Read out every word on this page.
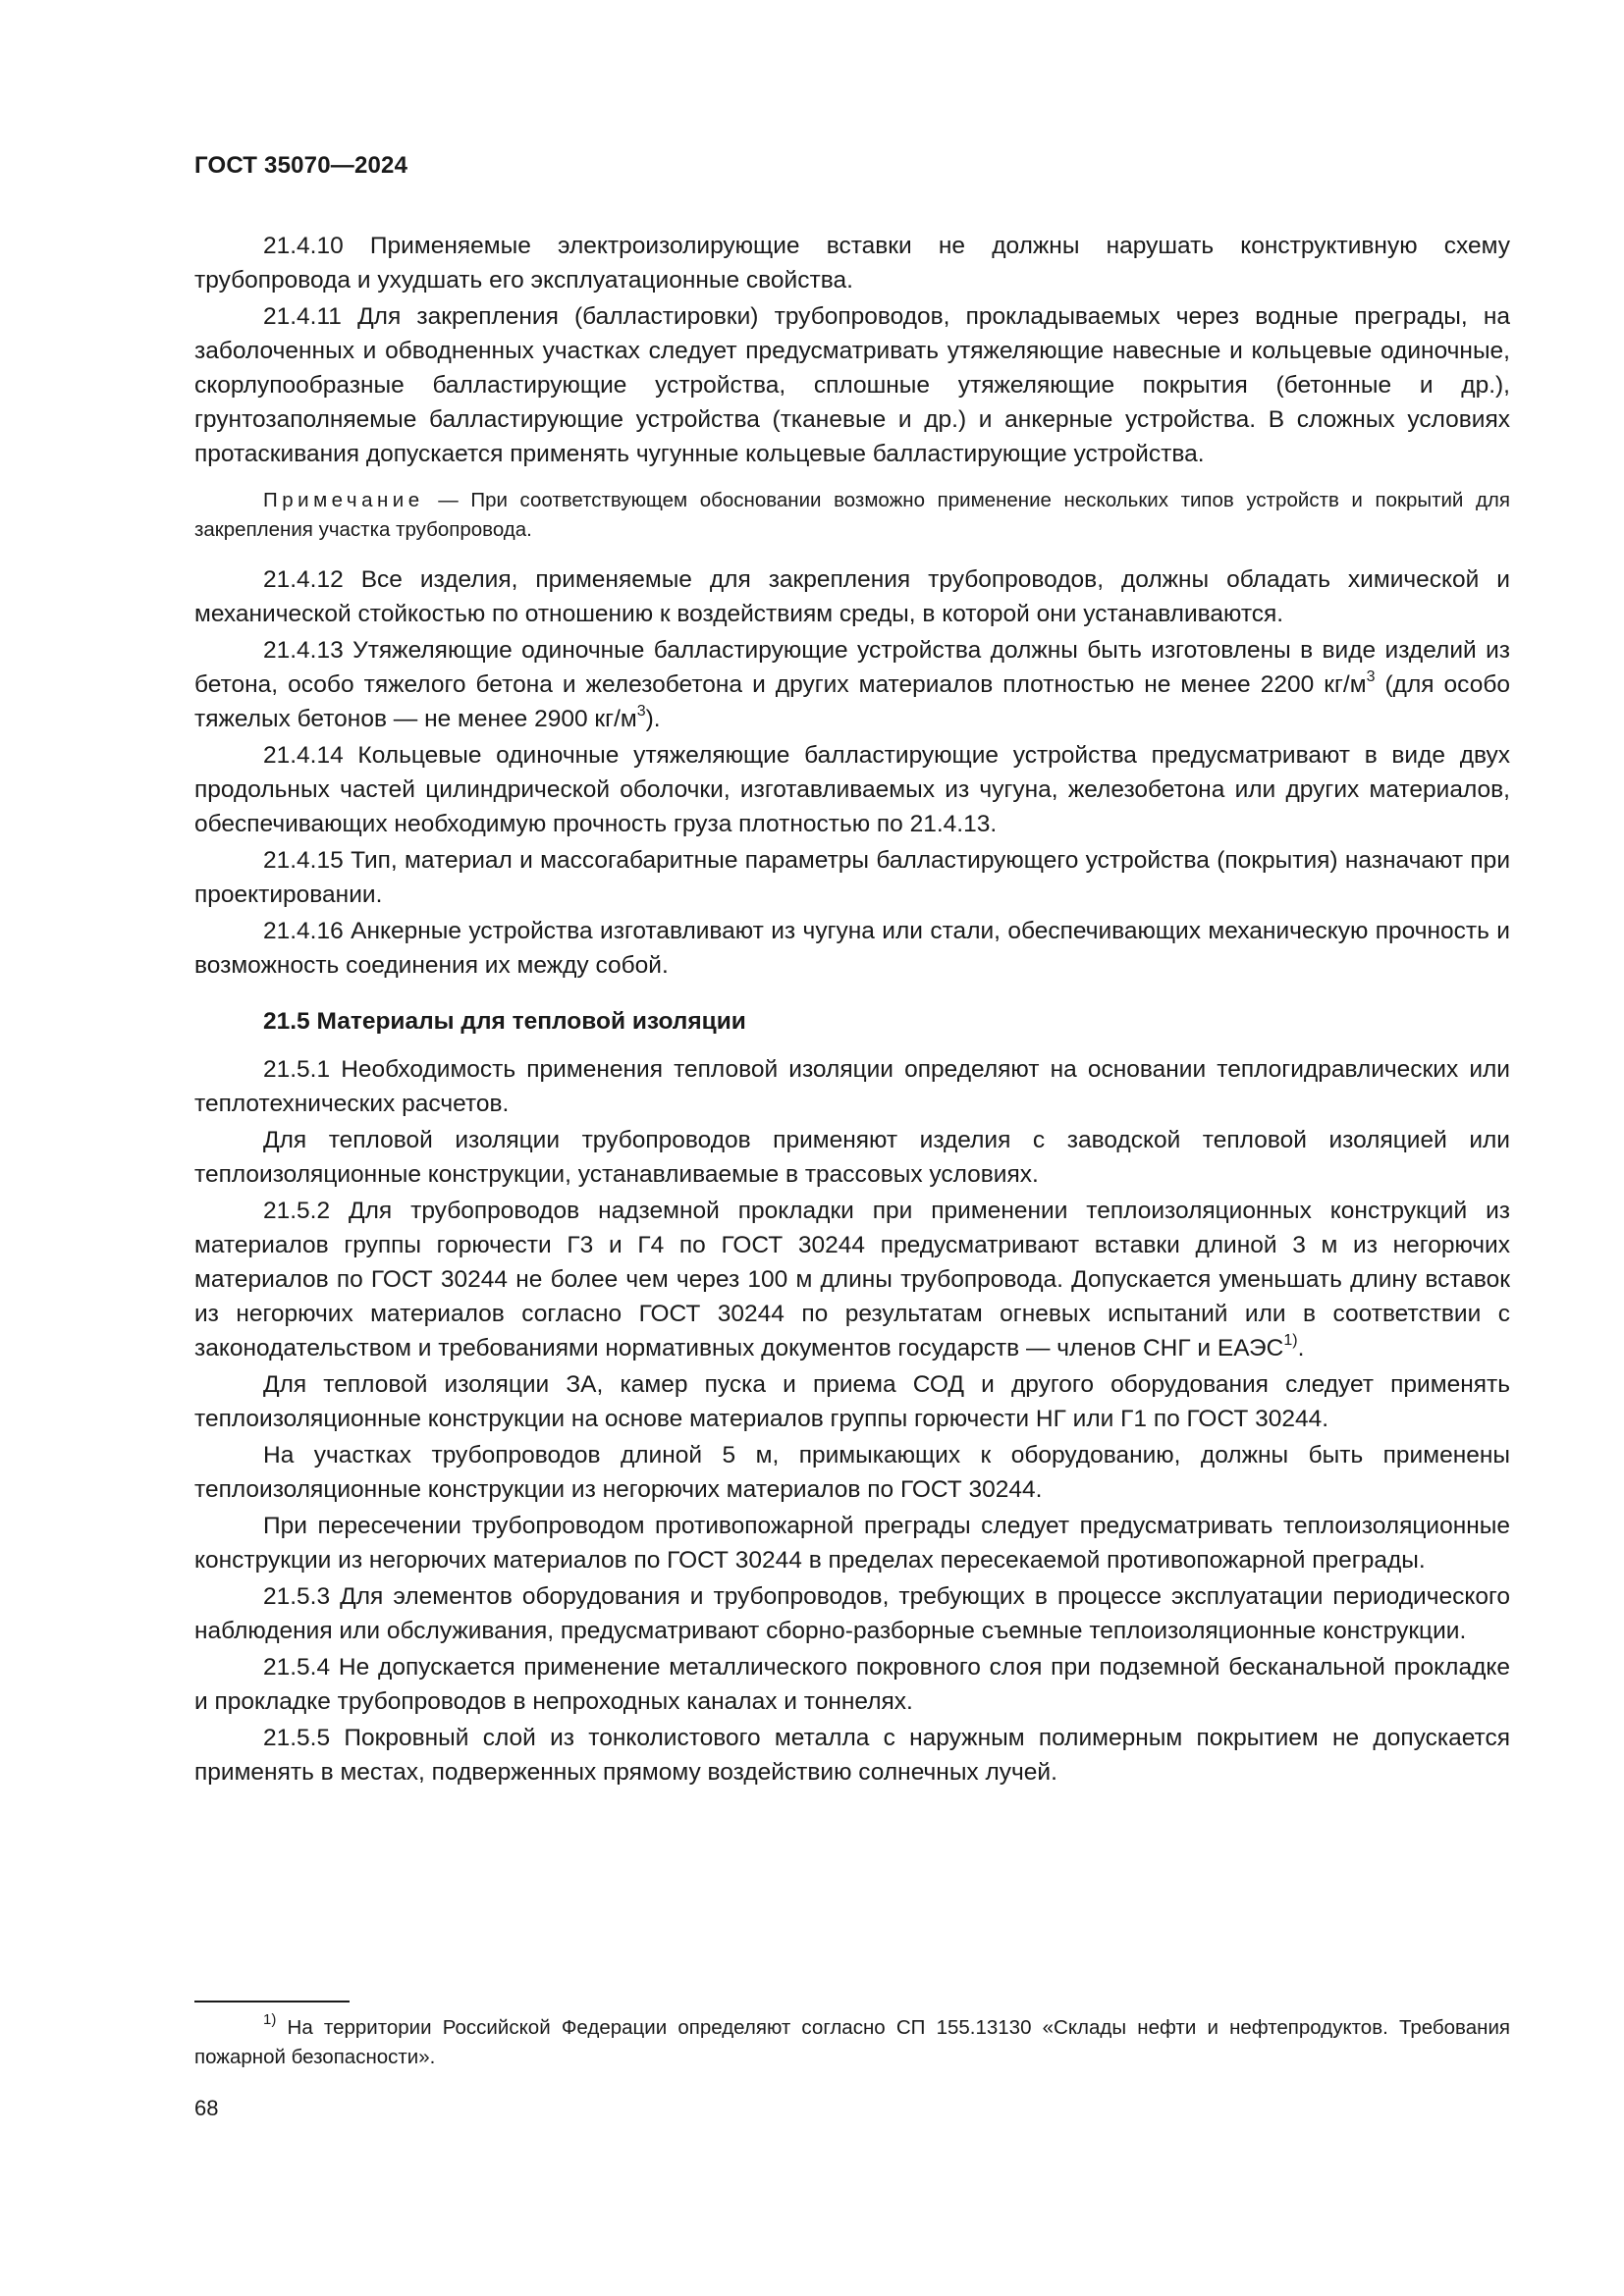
ГОСТ 35070—2024

21.4.10 Применяемые электроизолирующие вставки не должны нарушать конструктивную схему трубопровода и ухудшать его эксплуатационные свойства.

21.4.11 Для закрепления (балластировки) трубопроводов, прокладываемых через водные преграды, на заболоченных и обводненных участках следует предусматривать утяжеляющие навесные и кольцевые одиночные, скорлупообразные балластирующие устройства, сплошные утяжеляющие покрытия (бетонные и др.), грунтозаполняемые балластирующие устройства (тканевые и др.) и анкерные устройства. В сложных условиях протаскивания допускается применять чугунные кольцевые балластирующие устройства.

Примечание — При соответствующем обосновании возможно применение нескольких типов устройств и покрытий для закрепления участка трубопровода.

21.4.12 Все изделия, применяемые для закрепления трубопроводов, должны обладать химической и механической стойкостью по отношению к воздействиям среды, в которой они устанавливаются.

21.4.13 Утяжеляющие одиночные балластирующие устройства должны быть изготовлены в виде изделий из бетона, особо тяжелого бетона и железобетона и других материалов плотностью не менее 2200 $кг/м^3$ (для особо тяжелых бетонов — не менее 2900 $кг/м^3$).

21.4.14 Кольцевые одиночные утяжеляющие балластирующие устройства предусматривают в виде двух продольных частей цилиндрической оболочки, изготавливаемых из чугуна, железобетона или других материалов, обеспечивающих необходимую прочность груза плотностью по 21.4.13.

21.4.15 Тип, материал и массогабаритные параметры балластирующего устройства (покрытия) назначают при проектировании.

21.4.16 Анкерные устройства изготавливают из чугуна или стали, обеспечивающих механическую прочность и возможность соединения их между собой.

21.5 Материалы для тепловой изоляции

21.5.1 Необходимость применения тепловой изоляции определяют на основании теплогидравлических или теплотехнических расчетов.

Для тепловой изоляции трубопроводов применяют изделия с заводской тепловой изоляцией или теплоизоляционные конструкции, устанавливаемые в трассовых условиях.

21.5.2 Для трубопроводов надземной прокладки при применении теплоизоляционных конструкций из материалов группы горючести Г3 и Г4 по ГОСТ 30244 предусматривают вставки длиной 3 м из негорючих материалов по ГОСТ 30244 не более чем через 100 м длины трубопровода. Допускается уменьшать длину вставок из негорючих материалов согласно ГОСТ 30244 по результатам огневых испытаний или в соответствии с законодательством и требованиями нормативных документов государств — членов СНГ и ЕАЭС$^{1)}$.

Для тепловой изоляции ЗА, камер пуска и приема СОД и другого оборудования следует применять теплоизоляционные конструкции на основе материалов группы горючести НГ или Г1 по ГОСТ 30244.

На участках трубопроводов длиной 5 м, примыкающих к оборудованию, должны быть применены теплоизоляционные конструкции из негорючих материалов по ГОСТ 30244.

При пересечении трубопроводом противопожарной преграды следует предусматривать теплоизоляционные конструкции из негорючих материалов по ГОСТ 30244 в пределах пересекаемой противопожарной преграды.

21.5.3 Для элементов оборудования и трубопроводов, требующих в процессе эксплуатации периодического наблюдения или обслуживания, предусматривают сборно-разборные съемные теплоизоляционные конструкции.

21.5.4 Не допускается применение металлического покровного слоя при подземной бесканальной прокладке и прокладке трубопроводов в непроходных каналах и тоннелях.

21.5.5 Покровный слой из тонколистового металла с наружным полимерным покрытием не допускается применять в местах, подверженных прямому воздействию солнечных лучей.

$^{1)}$ На территории Российской Федерации определяют согласно СП 155.13130 «Склады нефти и нефтепродуктов. Требования пожарной безопасности».

68
